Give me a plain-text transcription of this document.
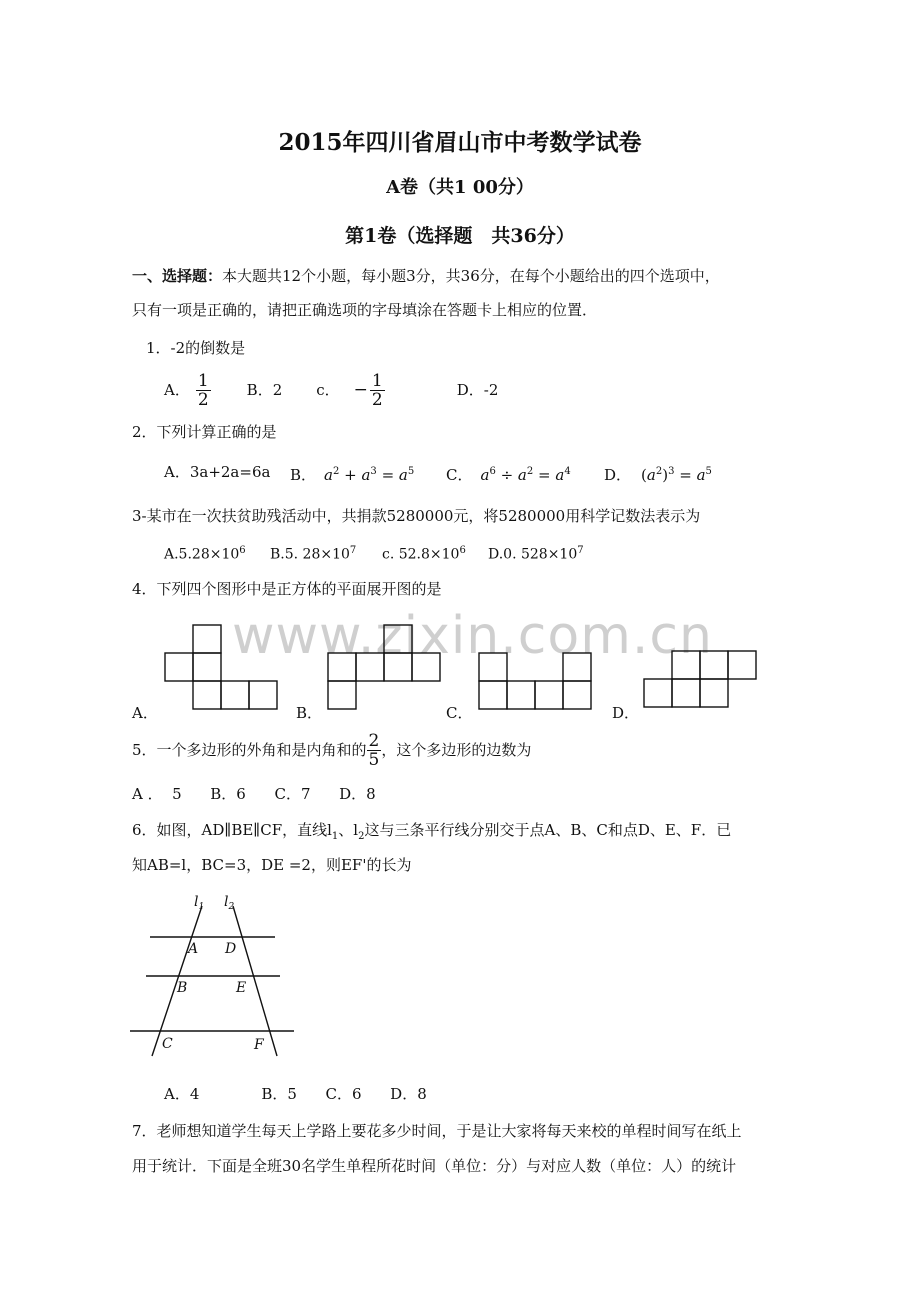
2015年四川省眉山市中考数学试卷
A卷（共1 00分）
第1卷（选择题　共36分）
一、选择题：本大题共12个小题，每小题3分，共36分，在每个小题给出的四个选项中，
只有一项是正确的，请把正确选项的字母填涂在答题卡上相应的位置．
1．-2的倒数是
A． $\frac{1}{2}$ B．2 c． − $\frac{1}{2}$	D．-2
2．下列计算正确的是
A．3a+2a=6a B． $a^2 + a^3 = a^5$ C． $a^6 \div a^2 = a^4$ D． $(a^2)^3 = a^5$
3-某市在一次扶贫助残活动中，共捐款5280000元，将5280000用科学记数法表示为
$A.5.28\times 10^6$ B.5. $28\times 10^7$ c. $52.8\times 10^6$ D.0. $528\times 10^7$
4．下列四个图形中是正方体的平面展开图的是
www.zixin.com.cn
A．	B．	C．	D．
5．一个多边形的外角和是内角和的 $\frac{2}{5}$ ，这个多边形的边数为
A ．  5      B．6      C．7      D．8
6．如图，AD∥BE∥CF，直线$l_1$、$l_2$这与三条平行线分别交于点A、B、C和点D、E、F．已
知AB=l，BC=3，DE =2，则EF'的长为
$l_1$ $l_2$
A D
B	E
C	F
A．4             B．5      C．6      D．8
7．老师想知道学生每天上学路上要花多少时间，于是让大家将每天来校的单程时间写在纸上
用于统计．下面是全班30名学生单程所花时间（单位：分）与对应人数（单位：人）的统计
